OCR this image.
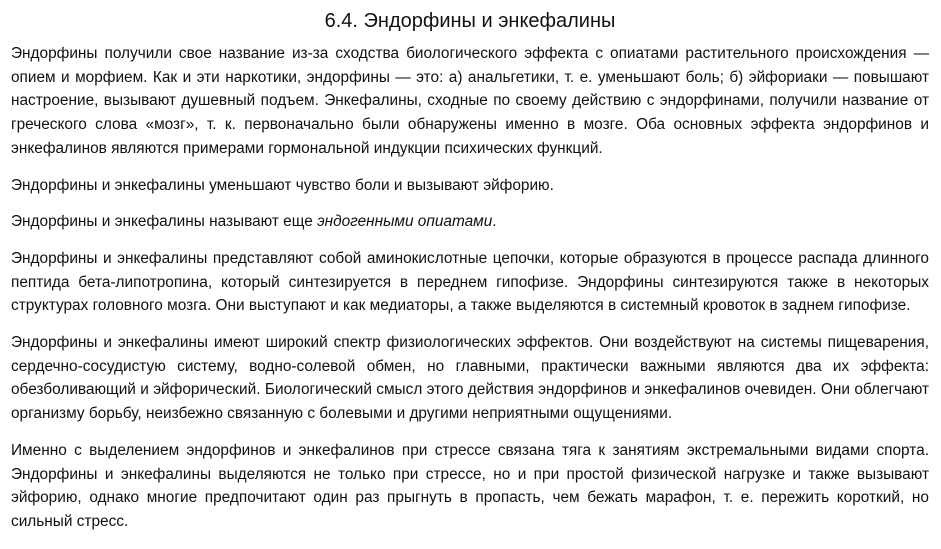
6.4. Эндорфины и энкефалины

Эндорфины получили свое название из-за сходства биологического эффекта с опиатами растительного происхождения — опием и морфием. Как и эти наркотики, эндорфины — это: а) анальгетики, т. е. уменьшают боль; б) эйфориаки — повышают настроение, вызывают душевный подъем. Энкефалины, сходные по своему действию с эндорфинами, получили название от греческого слова «мозг», т. к. первоначально были обнаружены именно в мозге. Оба основных эффекта эндорфинов и энкефалинов являются примерами гормональной индукции психических функций.

Эндорфины и энкефалины уменьшают чувство боли и вызывают эйфорию.

Эндорфины и энкефалины называют еще эндогенными опиатами.

Эндорфины и энкефалины представляют собой аминокислотные цепочки, которые образуются в процессе распада длинного пептида бета-липотропина, который синтезируется в переднем гипофизе. Эндорфины синтезируются также в некоторых структурах головного мозга. Они выступают и как медиаторы, а также выделяются в системный кровоток в заднем гипофизе.

Эндорфины и энкефалины имеют широкий спектр физиологических эффектов. Они воздействуют на системы пищеварения, сердечно-сосудистую систему, водно-солевой обмен, но главными, практически важными являются два их эффекта: обезболивающий и эйфорический. Биологический смысл этого действия эндорфинов и энкефалинов очевиден. Они облегчают организму борьбу, неизбежно связанную с болевыми и другими неприятными ощущениями.

Именно с выделением эндорфинов и энкефалинов при стрессе связана тяга к занятиям экстремальными видами спорта. Эндорфины и энкефалины выделяются не только при стрессе, но и при простой физической нагрузке и также вызывают эйфорию, однако многие предпочитают один раз прыгнуть в пропасть, чем бежать марафон, т. е. пережить короткий, но сильный стресс.
